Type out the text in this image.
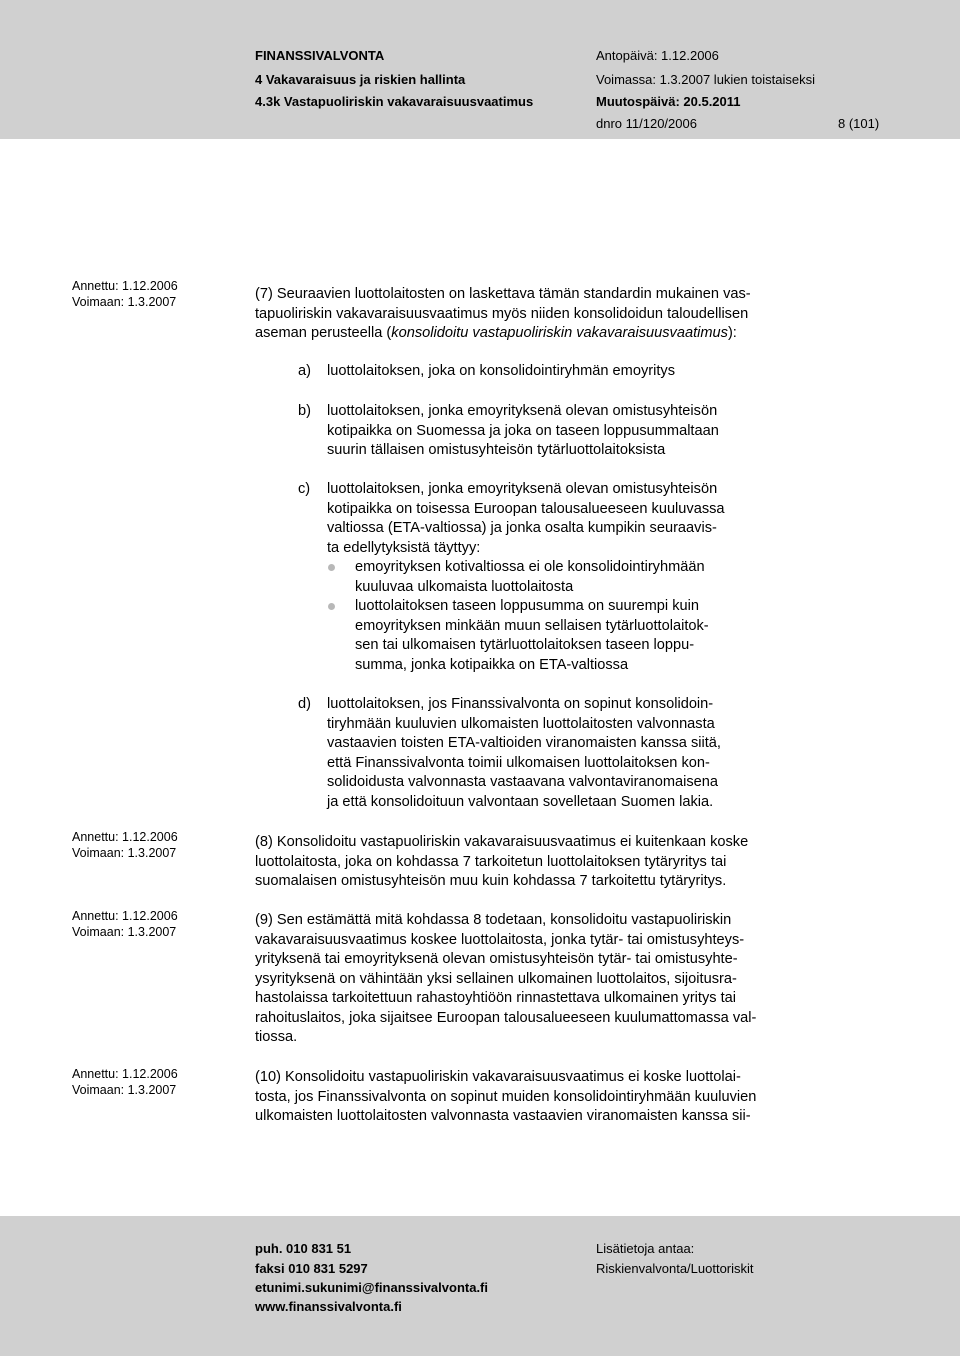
FINANSSIVALVONTA
4 Vakavaraisuus ja riskien hallinta
4.3k Vastapuoliriskin vakavaraisuusvaatimus
Antopäivä: 1.12.2006
Voimassa: 1.3.2007 lukien toistaiseksi
Muutospäivä: 20.5.2011
dnro 11/120/2006	8 (101)
Annettu: 1.12.2006
Voimaan: 1.3.2007
Annettu: 1.12.2006
Voimaan: 1.3.2007
Annettu: 1.12.2006
Voimaan: 1.3.2007
Annettu: 1.12.2006
Voimaan: 1.3.2007
(7) Seuraavien luottolaitosten on laskettava tämän standardin mukainen vas-
tapuoliriskin vakavaraisuusvaatimus myös niiden konsolidoidun taloudellisen
aseman perusteella (konsolidoitu vastapuoliriskin vakavaraisuusvaatimus):
a) luottolaitoksen, joka on konsolidointiryhmän emoyritys
b) luottolaitoksen, jonka emoyrityksenä olevan omistusyhteisön
kotipaikka on Suomessa ja joka on taseen loppusummaltaan
suurin tällaisen omistusyhteisön tytärluottolaitoksista
c) luottolaitoksen, jonka emoyrityksenä olevan omistusyhteisön
kotipaikka on toisessa Euroopan talousalueeseen kuuluvassa
valtiossa (ETA-valtiossa) ja jonka osalta kumpikin seuraavis-
ta edellytyksistä täyttyy:
emoyrityksen kotivaltiossa ei ole konsolidointiryhmään
kuuluvaa ulkomaista luottolaitosta
luottolaitoksen taseen loppusumma on suurempi kuin
emoyrityksen minkään muun sellaisen tytärluottolaitok-
sen tai ulkomaisen tytärluottolaitoksen taseen loppu-
summa, jonka kotipaikka on ETA-valtiossa
d) luottolaitoksen, jos Finanssivalvonta on sopinut konsolidoin-
tiryhmään kuuluvien ulkomaisten luottolaitosten valvonnasta
vastaavien toisten ETA-valtioiden viranomaisten kanssa siitä,
että Finanssivalvonta toimii ulkomaisen luottolaitoksen kon-
solidoidusta valvonnasta vastaavana valvontaviranomaisena
ja että konsolidoituun valvontaan sovelletaan Suomen lakia.
(8) Konsolidoitu vastapuoliriskin vakavaraisuusvaatimus ei kuitenkaan koske
luottolaitosta, joka on kohdassa 7 tarkoitetun luottolaitoksen tytäryritys tai
suomalaisen omistusyhteisön muu kuin kohdassa 7 tarkoitettu tytäryritys.
(9) Sen estämättä mitä kohdassa 8 todetaan, konsolidoitu vastapuoliriskin
vakavaraisuusvaatimus koskee luottolaitosta, jonka tytär- tai omistusyhteys-
yrityksenä tai emoyrityksenä olevan omistusyhteisön tytär- tai omistusyhte-
ysyrityksenä on vähintään yksi sellainen ulkomainen luottolaitos, sijoitusra-
hastolaissa tarkoitettuun rahastoyhtiöön rinnastettava ulkomainen yritys tai
rahoituslaitos, joka sijaitsee Euroopan talousalueeseen kuulumattomassa val-
tiossa.
(10) Konsolidoitu vastapuoliriskin vakavaraisuusvaatimus ei koske luottolai-
tosta, jos Finanssivalvonta on sopinut muiden konsolidointiryhmään kuuluvien
ulkomaisten luottolaitosten valvonnasta vastaavien viranomaisten kanssa sii-
puh. 010 831 51
faksi 010 831 5297
etunimi.sukunimi@finanssivalvonta.fi
www.finanssivalvonta.fi
Lisätietoja antaa:
Riskienvalvonta/Luottoriskit
